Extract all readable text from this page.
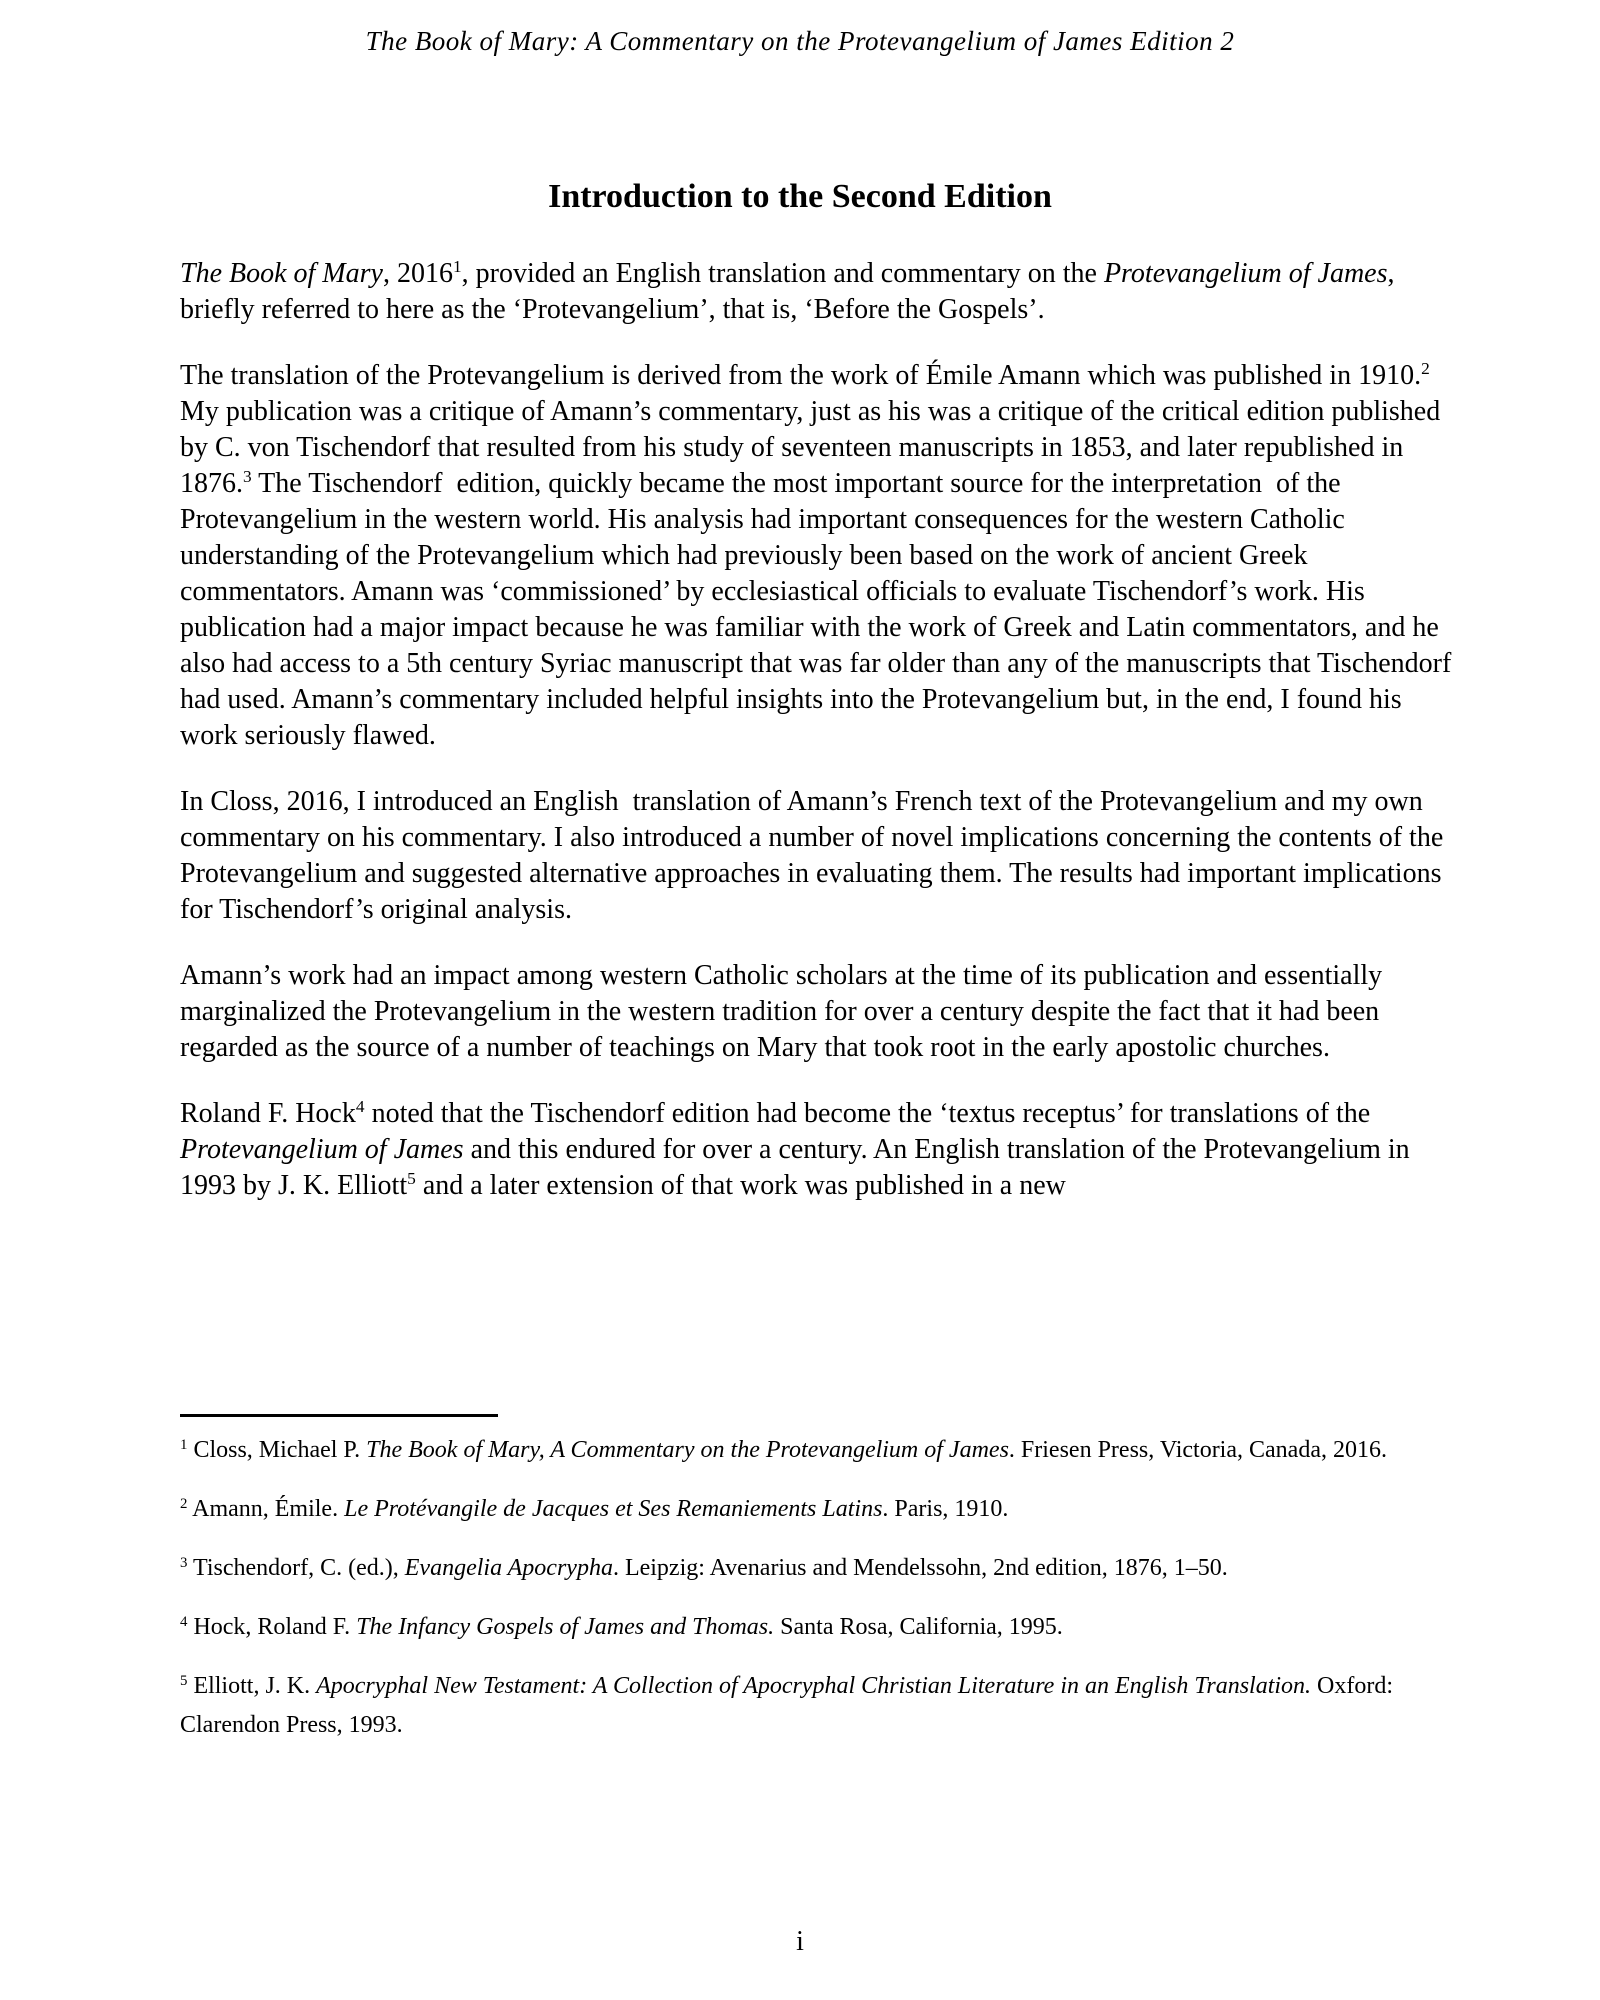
The Book of Mary: A Commentary on the Protevangelium of James Edition 2
Introduction to the Second Edition

The Book of Mary, 2016$^1$, provided an English translation and commentary on the Protevangelium of James, briefly referred to here as the ‘Protevangelium’, that is, ‘Before the Gospels’.

The translation of the Protevangelium is derived from the work of Émile Amann which was published in 1910.$^2$ My publication was a critique of Amann’s commentary, just as his was a critique of the critical edition published by C. von Tischendorf that resulted from his study of seventeen manuscripts in 1853, and later republished in 1876.$^3$ The Tischendorf  edition, quickly became the most important source for the interpretation  of the Protevangelium in the western world. His analysis had important consequences for the western Catholic understanding of the Protevangelium which had previously been based on the work of ancient Greek commentators. Amann was ‘commissioned’ by ecclesiastical officials to evaluate Tischendorf’s work. His publication had a major impact because he was familiar with the work of Greek and Latin commentators, and he also had access to a 5th century Syriac manuscript that was far older than any of the manuscripts that Tischendorf had used. Amann’s commentary included helpful insights into the Protevangelium but, in the end, I found his work seriously flawed.

In Closs, 2016, I introduced an English  translation of Amann’s French text of the Protevangelium and my own commentary on his commentary. I also introduced a number of novel implications concerning the contents of the Protevangelium and suggested alternative approaches in evaluating them. The results had important implications for Tischendorf’s original analysis.

Amann’s work had an impact among western Catholic scholars at the time of its publication and essentially marginalized the Protevangelium in the western tradition for over a century despite the fact that it had been regarded as the source of a number of teachings on Mary that took root in the early apostolic churches.

Roland F. Hock$^4$ noted that the Tischendorf edition had become the ‘textus receptus’ for translations of the Protevangelium of James and this endured for over a century. An English translation of the Protevangelium in 1993 by J. K. Elliott$^5$ and a later extension of that work was published in a new

$^1$ Closs, Michael P. The Book of Mary, A Commentary on the Protevangelium of James. Friesen Press, Victoria, Canada, 2016.

$^2$ Amann, Émile. Le Protévangile de Jacques et Ses Remaniements Latins. Paris, 1910.

$^3$ Tischendorf, C. (ed.), Evangelia Apocrypha. Leipzig: Avenarius and Mendelssohn, 2nd edition, 1876, 1–50.

$^4$ Hock, Roland F. The Infancy Gospels of James and Thomas. Santa Rosa, California, 1995.

$^5$ Elliott, J. K. Apocryphal New Testament: A Collection of Apocryphal Christian Literature in an English Translation. Oxford: Clarendon Press, 1993.

i
